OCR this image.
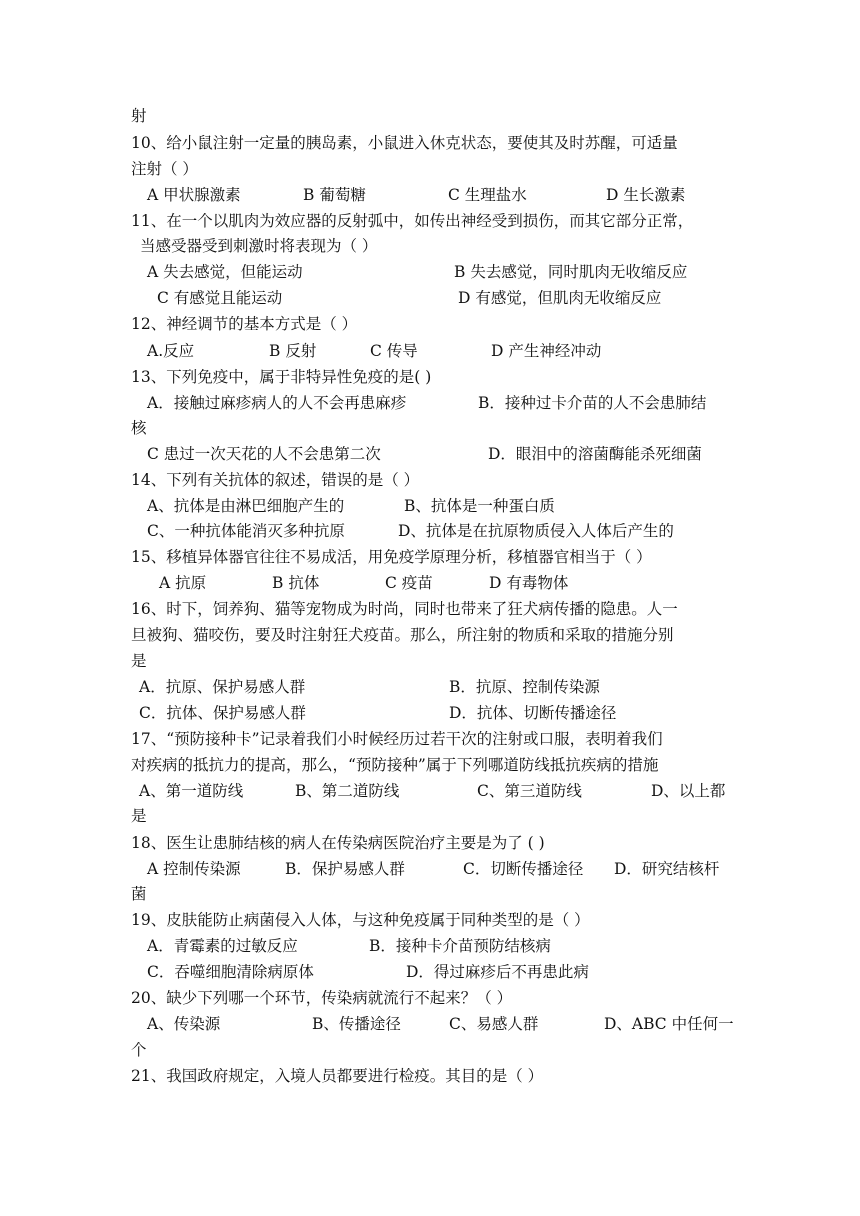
射
10、给小鼠注射一定量的胰岛素，小鼠进入休克状态，要使其及时苏醒，可适量
注射（ ）
A 甲状腺激素	B 葡萄糖	C 生理盐水	D 生长激素
11、在一个以肌肉为效应器的反射弧中，如传出神经受到损伤，而其它部分正常，
当感受器受到刺激时将表现为（ ）
A 失去感觉，但能运动	B 失去感觉，同时肌肉无收缩反应
C 有感觉且能运动	D 有感觉，但肌肉无收缩反应
12、神经调节的基本方式是（ ）
A.反应	B 反射	C 传导	D 产生神经冲动
13、下列免疫中，属于非特异性免疫的是( )
A．接触过麻疹病人的人不会再患麻疹	B．接种过卡介苗的人不会患肺结
核
C 患过一次天花的人不会患第二次	D．眼泪中的溶菌酶能杀死细菌
14、下列有关抗体的叙述，错误的是（ ）
A、抗体是由淋巴细胞产生的	B、抗体是一种蛋白质
C、一种抗体能消灭多种抗原	D、抗体是在抗原物质侵入人体后产生的
15、移植异体器官往往不易成活，用免疫学原理分析，移植器官相当于（ ）
A 抗原	B 抗体	C 疫苗	D 有毒物体
16、时下，饲养狗、猫等宠物成为时尚，同时也带来了狂犬病传播的隐患。人一
旦被狗、猫咬伤，要及时注射狂犬疫苗。那么，所注射的物质和采取的措施分别
是
A．抗原、保护易感人群	B．抗原、控制传染源
C．抗体、保护易感人群	D．抗体、切断传播途径
17、“预防接种卡”记录着我们小时候经历过若干次的注射或口服，表明着我们
对疾病的抵抗力的提高，那么，“预防接种”属于下列哪道防线抵抗疾病的措施
A、第一道防线	B、第二道防线	C、第三道防线	D、以上都
是
18、医生让患肺结核的病人在传染病医院治疗主要是为了 ( )
A 控制传染源	B．保护易感人群	C．切断传播途径 D．研究结核杆
菌
19、皮肤能防止病菌侵入人体，与这种免疫属于同种类型的是（ ）
A．青霉素的过敏反应	B．接种卡介苗预防结核病
C．吞噬细胞清除病原体	D．得过麻疹后不再患此病
20、缺少下列哪一个环节，传染病就流行不起来？（ ）
A、传染源	B、传播途径	C、易感人群	D、ABC 中任何一
个
21、我国政府规定，入境人员都要进行检疫。其目的是（ ）
